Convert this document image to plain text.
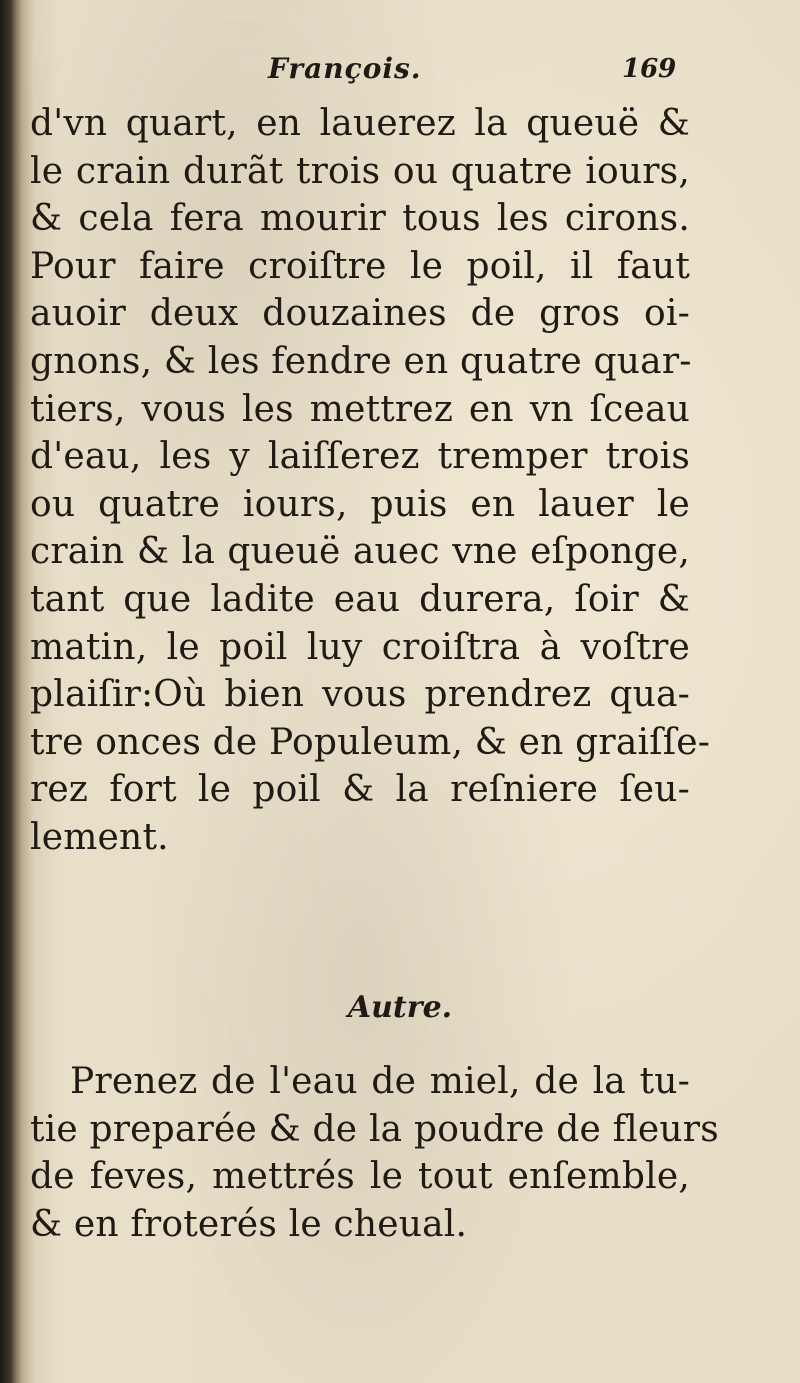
François.	169
d'vn quart, en lauerez la queuë &
le crain durãt trois ou quatre iours,
& cela fera mourir tous les cirons.
Pour faire croiſtre le poil, il faut
auoir deux douzaines de gros oi-
gnons, & les fendre en quatre quar-
tiers, vous les mettrez en vn ſceau
d'eau, les y laiſſerez tremper trois
ou quatre iours, puis en lauer le
crain & la queuë auec vne eſponge,
tant que ladite eau durera, ſoir &
matin, le poil luy croiſtra à voſtre
plaiſir:Où bien vous prendrez qua-
tre onces de Populeum, & en graiſſe-
rez fort le poil & la reſniere ſeu-
lement.
Autre.
Prenez de l'eau de miel, de la tu-
tie preparée & de la poudre de fleurs
de feves, mettrés le tout enſemble,
& en froterés le cheual.
